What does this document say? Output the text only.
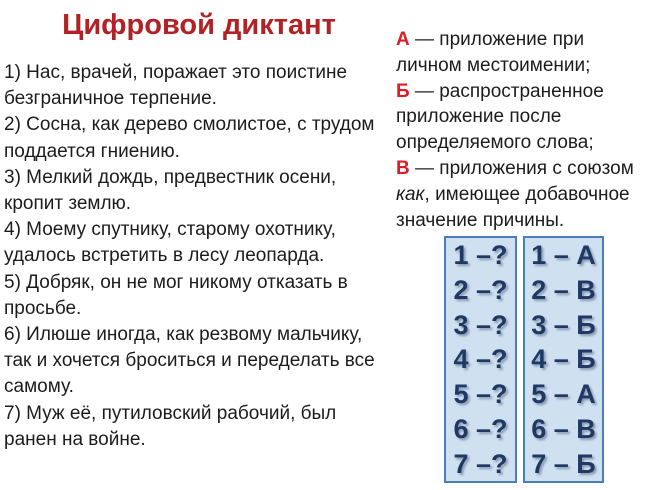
Цифровой диктант
1) Нас, врачей, поражает это поистине
безграничное терпение.
2) Сосна, как дерево смолистое, с трудом
поддается гниению.
3) Мелкий дождь, предвестник осени,
кропит землю.
4) Моему спутнику, старому охотнику,
удалось встретить в лесу леопарда.
5) Добряк, он не мог никому отказать в
просьбе.
6) Илюше иногда, как резвому мальчику,
так и хочется броситься и переделать все
самому.
7) Муж её, путиловский рабочий, был
ранен на войне.
А — приложение при
личном местоимении;
Б — распространенное
приложение после
определяемого слова;
В — приложения с союзом
как, имеющее добавочное
значение причины.
1 –?
2 –?
3 –?
4 –?
5 –?
6 –?
7 –?
1 – А
2 – В
3 – Б
4 – Б
5 – А
6 – В
7 – Б
